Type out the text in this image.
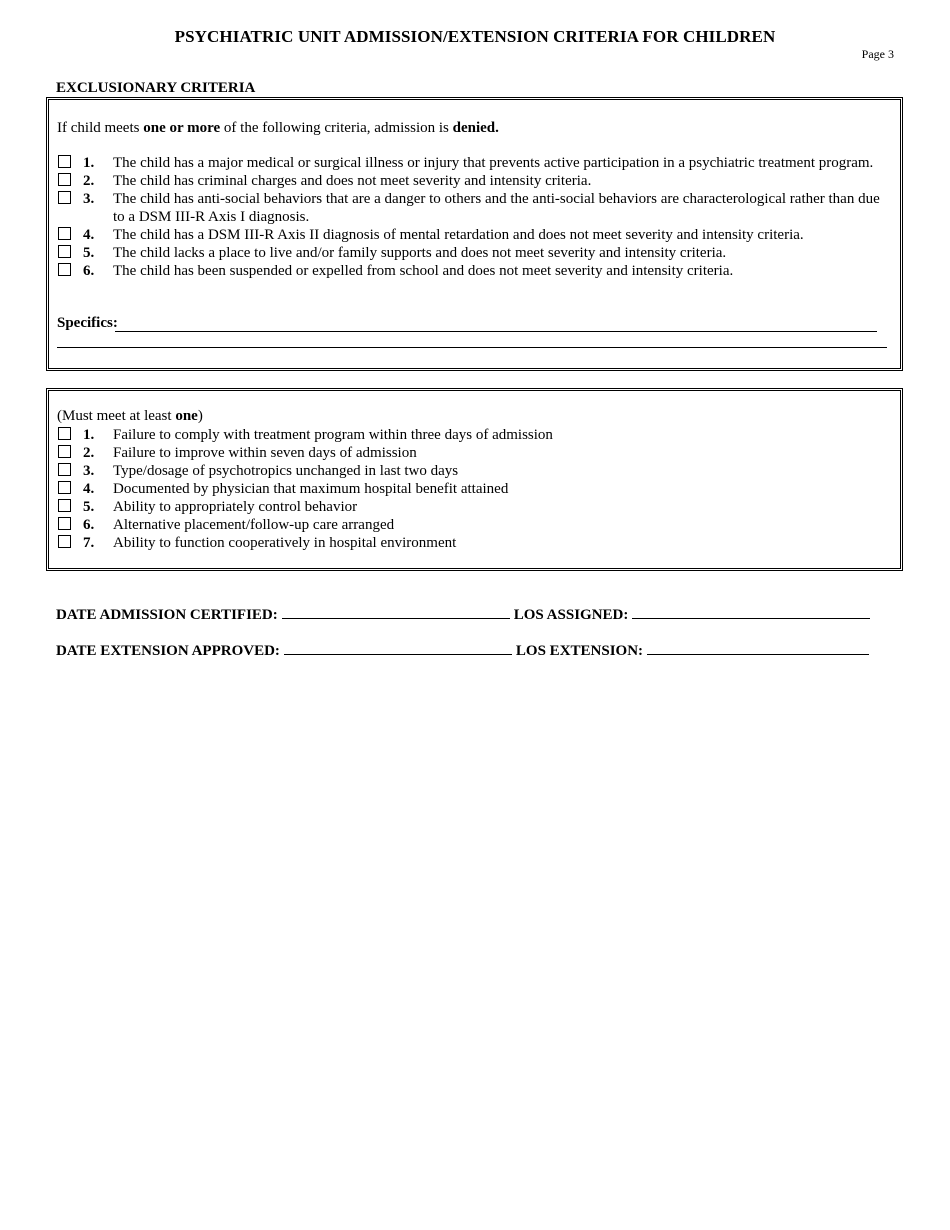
PSYCHIATRIC UNIT ADMISSION/EXTENSION CRITERIA FOR CHILDREN
Page 3
EXCLUSIONARY CRITERIA
If child meets one or more of the following criteria, admission is denied.
1. The child has a major medical or surgical illness or injury that prevents active participation in a psychiatric treatment program.
2. The child has criminal charges and does not meet severity and intensity criteria.
3. The child has anti-social behaviors that are a danger to others and the anti-social behaviors are characterological rather than due to a DSM III-R Axis I diagnosis.
4. The child has a DSM III-R Axis II diagnosis of mental retardation and does not meet severity and intensity criteria.
5. The child lacks a place to live and/or family supports and does not meet severity and intensity criteria.
6. The child has been suspended or expelled from school and does not meet severity and intensity criteria.
Specifics:
(Must meet at least one)
1. Failure to comply with treatment program within three days of admission
2. Failure to improve within seven days of admission
3. Type/dosage of psychotropics unchanged in last two days
4. Documented by physician that maximum hospital benefit attained
5. Ability to appropriately control behavior
6. Alternative placement/follow-up care arranged
7. Ability to function cooperatively in hospital environment
DATE ADMISSION CERTIFIED:	LOS ASSIGNED:
DATE EXTENSION APPROVED:	LOS EXTENSION:
